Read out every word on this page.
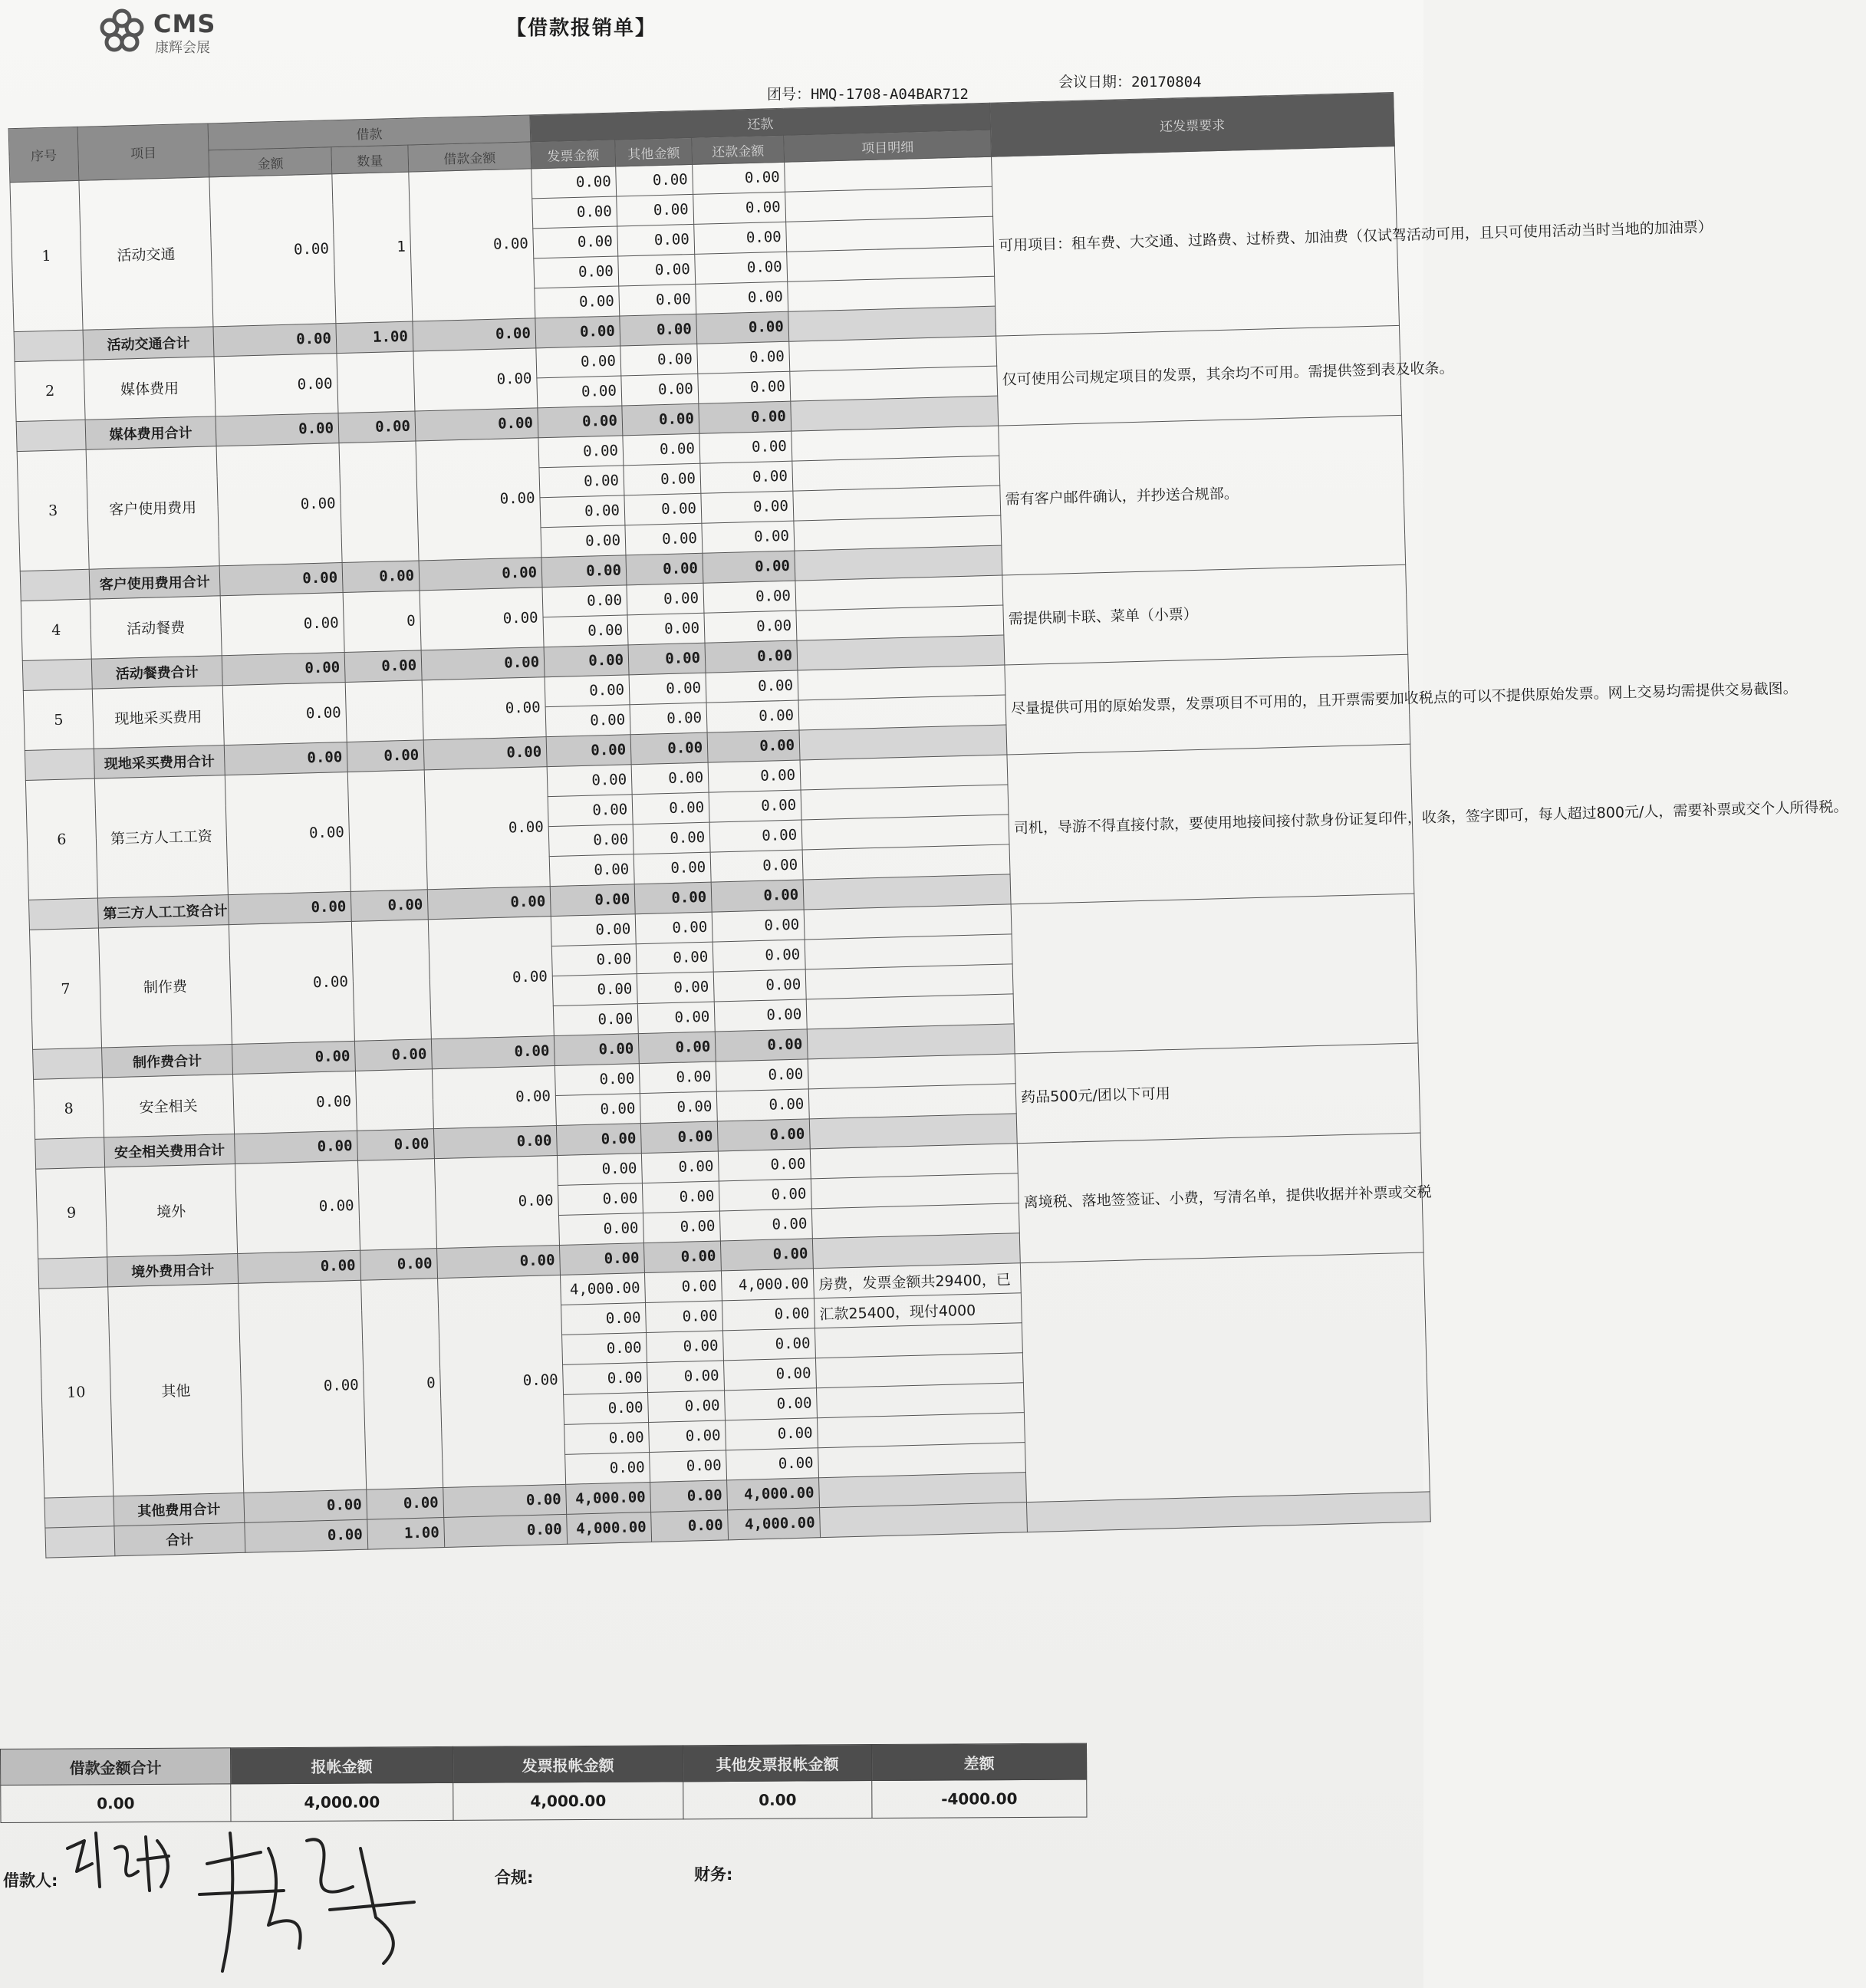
CMS
康辉会展
【借款报销单】
团号：HMQ-1708-A04BAR712
会议日期：20170804
序号	项目	借款			还款				还发票要求
		金额	数量	借款金额	发票金额	其他金额	还款金额	项目明细	
1	活动交通	0.00	1	0.00	0.00	0.00	0.00		可用项目：租车费、大交通、过路费、过桥费、加油费（仅试驾活动可用，且只可使用活动当时当地的加油票）
					0.00	0.00	0.00		
					0.00	0.00	0.00		
					0.00	0.00	0.00		
					0.00	0.00	0.00		
	活动交通合计	0.00	1.00	0.00	0.00	0.00	0.00		
2	媒体费用	0.00		0.00	0.00	0.00	0.00		仅可使用公司规定项目的发票，其余均不可用。需提供签到表及收条。
					0.00	0.00	0.00		
	媒体费用合计	0.00	0.00	0.00	0.00	0.00	0.00		
3	客户使用费用	0.00		0.00	0.00	0.00	0.00		需有客户邮件确认，并抄送合规部。
					0.00	0.00	0.00		
					0.00	0.00	0.00		
					0.00	0.00	0.00		
	客户使用费用合计	0.00	0.00	0.00	0.00	0.00	0.00		
4	活动餐费	0.00	0	0.00	0.00	0.00	0.00		需提供刷卡联、菜单（小票）
					0.00	0.00	0.00		
	活动餐费合计	0.00	0.00	0.00	0.00	0.00	0.00		
5	现地采买费用	0.00		0.00	0.00	0.00	0.00		尽量提供可用的原始发票，发票项目不可用的，且开票需要加收税点的可以不提供原始发票。网上交易均需提供交易截图。
					0.00	0.00	0.00		
	现地采买费用合计	0.00	0.00	0.00	0.00	0.00	0.00		
6	第三方人工工资	0.00		0.00	0.00	0.00	0.00		司机，导游不得直接付款，要使用地接间接付款身份证复印件，收条，签字即可，每人超过800元/人，需要补票或交个人所得税。
					0.00	0.00	0.00		
					0.00	0.00	0.00		
					0.00	0.00	0.00		
	第三方人工工资合计	0.00	0.00	0.00	0.00	0.00	0.00		
7	制作费	0.00		0.00	0.00	0.00	0.00		
					0.00	0.00	0.00		
					0.00	0.00	0.00		
					0.00	0.00	0.00		
	制作费合计	0.00	0.00	0.00	0.00	0.00	0.00		
8	安全相关	0.00		0.00	0.00	0.00	0.00		药品500元/团以下可用
					0.00	0.00	0.00		
	安全相关费用合计	0.00	0.00	0.00	0.00	0.00	0.00		
9	境外	0.00		0.00	0.00	0.00	0.00		离境税、落地签签证、小费，写清名单，提供收据并补票或交税
					0.00	0.00	0.00		
					0.00	0.00	0.00		
	境外费用合计	0.00	0.00	0.00	0.00	0.00	0.00		
10	其他	0.00	0	0.00	4,000.00	0.00	4,000.00	房费，发票金额共29400，已	
					0.00	0.00	0.00	汇款25400，现付4000	
					0.00	0.00	0.00		
					0.00	0.00	0.00		
					0.00	0.00	0.00		
					0.00	0.00	0.00		
					0.00	0.00	0.00		
	其他费用合计	0.00	0.00	0.00	4,000.00	0.00	4,000.00		
	合计	0.00	1.00	0.00	4,000.00	0.00	4,000.00		
借款金额合计	报帐金额	发票报帐金额	其他发票报帐金额	差额
0.00	4,000.00	4,000.00	0.00	-4000.00
借款人:	合规:	财务:
